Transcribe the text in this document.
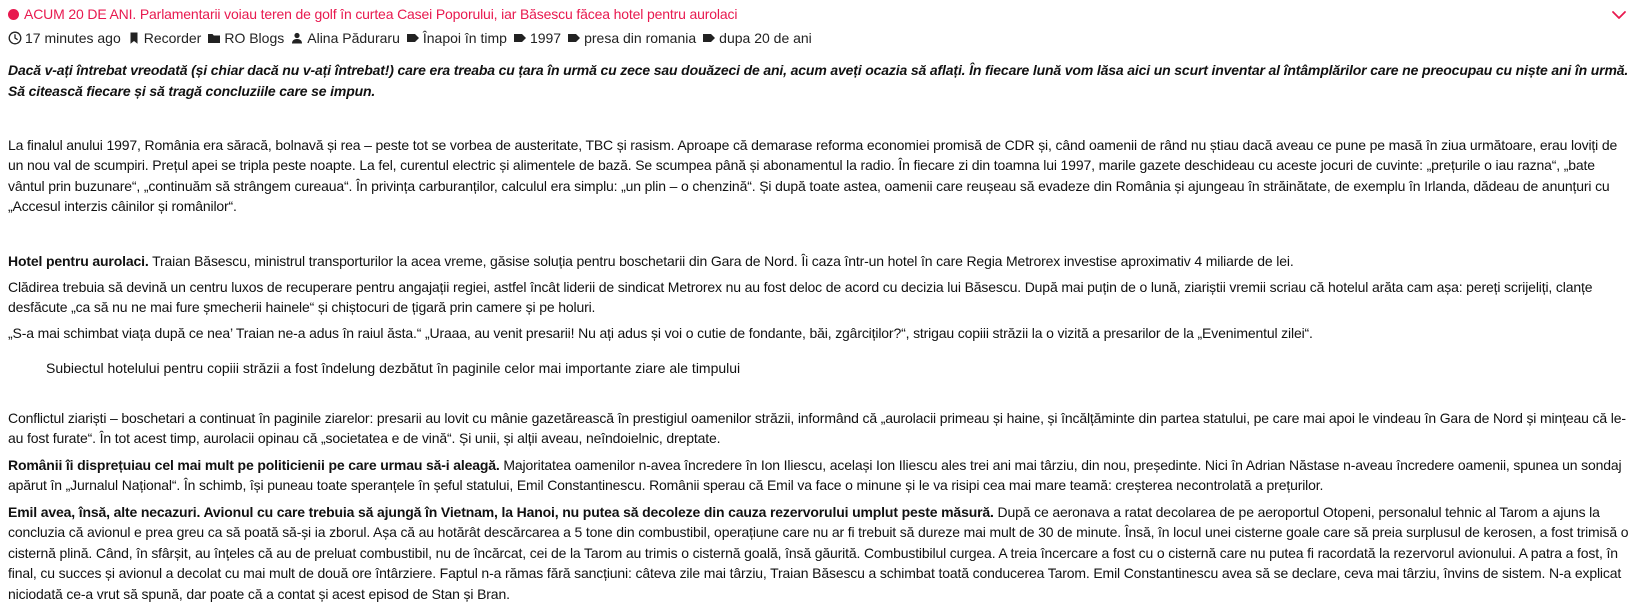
ACUM 20 DE ANI. Parlamentarii voiau teren de golf în curtea Casei Poporului, iar Băsescu făcea hotel pentru aurolaci
17 minutes ago Recorder RO Blogs Alina Păduraru Înapoi în timp 1997 presa din romania dupa 20 de ani

Dacă v-ați întrebat vreodată (și chiar dacă nu v-ați întrebat!) care era treaba cu țara în urmă cu zece sau douăzeci de ani, acum aveți ocazia să aflați. În fiecare lună vom lăsa aici un scurt inventar al întâmplărilor care ne preocupau cu niște ani în urmă. Să citească fiecare și să tragă concluziile care se impun.

La finalul anului 1997, România era săracă, bolnavă și rea – peste tot se vorbea de austeritate, TBC și rasism. Aproape că demarase reforma economiei promisă de CDR și, când oamenii de rând nu știau dacă aveau ce pune pe masă în ziua următoare, erau loviți de un nou val de scumpiri. Prețul apei se tripla peste noapte. La fel, curentul electric și alimentele de bază. Se scumpea până și abonamentul la radio. În fiecare zi din toamna lui 1997, marile gazete deschideau cu aceste jocuri de cuvinte: „prețurile o iau razna“, „bate vântul prin buzunare“, „continuăm să strângem cureaua“. În privința carburanților, calculul era simplu: „un plin – o chenzină“. Și după toate astea, oamenii care reușeau să evadeze din România și ajungeau în străinătate, de exemplu în Irlanda, dădeau de anunțuri cu „Accesul interzis câinilor și românilor“.

Hotel pentru aurolaci. Traian Băsescu, ministrul transporturilor la acea vreme, găsise soluția pentru boschetarii din Gara de Nord. Îi caza într-un hotel în care Regia Metrorex investise aproximativ 4 miliarde de lei.

Clădirea trebuia să devină un centru luxos de recuperare pentru angajații regiei, astfel încât liderii de sindicat Metrorex nu au fost deloc de acord cu decizia lui Băsescu. După mai puțin de o lună, ziariștii vremii scriau că hotelul arăta cam așa: pereți scrijeliți, clanțe desfăcute „ca să nu ne mai fure șmecherii hainele“ și chiștocuri de țigară prin camere și pe holuri.

„S-a mai schimbat viața după ce nea’ Traian ne-a adus în raiul ăsta.“ „Uraaa, au venit presarii! Nu ați adus și voi o cutie de fondante, băi, zgârciților?“, strigau copiii străzii la o vizită a presarilor de la „Evenimentul zilei“.

Subiectul hotelului pentru copiii străzii a fost îndelung dezbătut în paginile celor mai importante ziare ale timpului

Conflictul ziariști – boschetari a continuat în paginile ziarelor: presarii au lovit cu mânie gazetărească în prestigiul oamenilor străzii, informând că „aurolacii primeau și haine, și încălțăminte din partea statului, pe care mai apoi le vindeau în Gara de Nord și mințeau că le-au fost furate“. În tot acest timp, aurolacii opinau că „societatea e de vină“. Și unii, și alții aveau, neîndoielnic, dreptate.

Românii îi disprețuiau cel mai mult pe politicienii pe care urmau să-i aleagă. Majoritatea oamenilor n-avea încredere în Ion Iliescu, același Ion Iliescu ales trei ani mai târziu, din nou, președinte. Nici în Adrian Năstase n-aveau încredere oamenii, spunea un sondaj apărut în „Jurnalul Național“. În schimb, își puneau toate speranțele în șeful statului, Emil Constantinescu. Românii sperau că Emil va face o minune și le va risipi cea mai mare teamă: creșterea necontrolată a prețurilor.

Emil avea, însă, alte necazuri. Avionul cu care trebuia să ajungă în Vietnam, la Hanoi, nu putea să decoleze din cauza rezervorului umplut peste măsură. După ce aeronava a ratat decolarea de pe aeroportul Otopeni, personalul tehnic al Tarom a ajuns la concluzia că avionul e prea greu ca să poată să-și ia zborul. Așa că au hotărât descărcarea a 5 tone din combustibil, operațiune care nu ar fi trebuit să dureze mai mult de 30 de minute. Însă, în locul unei cisterne goale care să preia surplusul de kerosen, a fost trimisă o cisternă plină. Când, în sfârșit, au înțeles că au de preluat combustibil, nu de încărcat, cei de la Tarom au trimis o cisternă goală, însă găurită. Combustibilul curgea. A treia încercare a fost cu o cisternă care nu putea fi racordată la rezervorul avionului. A patra a fost, în final, cu succes și avionul a decolat cu mai mult de două ore întârziere. Faptul n-a rămas fără sancțiuni: câteva zile mai târziu, Traian Băsescu a schimbat toată conducerea Tarom. Emil Constantinescu avea să se declare, ceva mai târziu, învins de sistem. N-a explicat niciodată ce-a vrut să spună, dar poate că a contat și acest episod de Stan și Bran.
